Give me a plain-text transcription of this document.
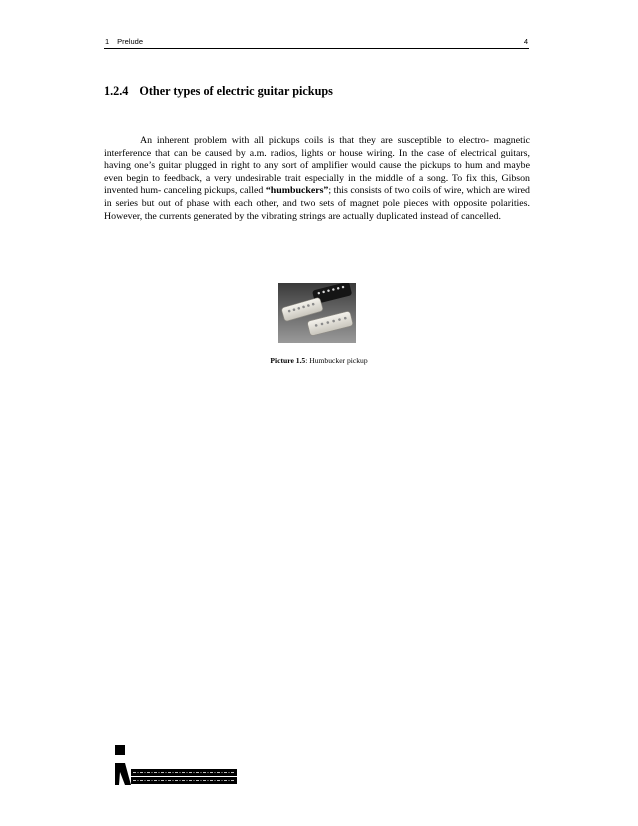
1 Prelude	4
1.2.4 Other types of electric guitar pickups

An inherent problem with all pickups coils is that they are susceptible to electro- magnetic interference that can be caused by a.m. radios, lights or house wiring. In the case of electrical guitars, having one’s guitar plugged in right to any sort of amplifier would cause the pickups to hum and maybe even begin to feedback, a very undesirable trait especially in the middle of a song. To fix this, Gibson invented hum- canceling pickups, called “humbuckers”; this consists of two coils of wire, which are wired in series but out of phase with each other, and two sets of magnet pole pieces with opposite polarities. However, the currents generated by the vibrating strings are actually duplicated instead of cancelled.

Picture 1.5: Humbucker pickup
